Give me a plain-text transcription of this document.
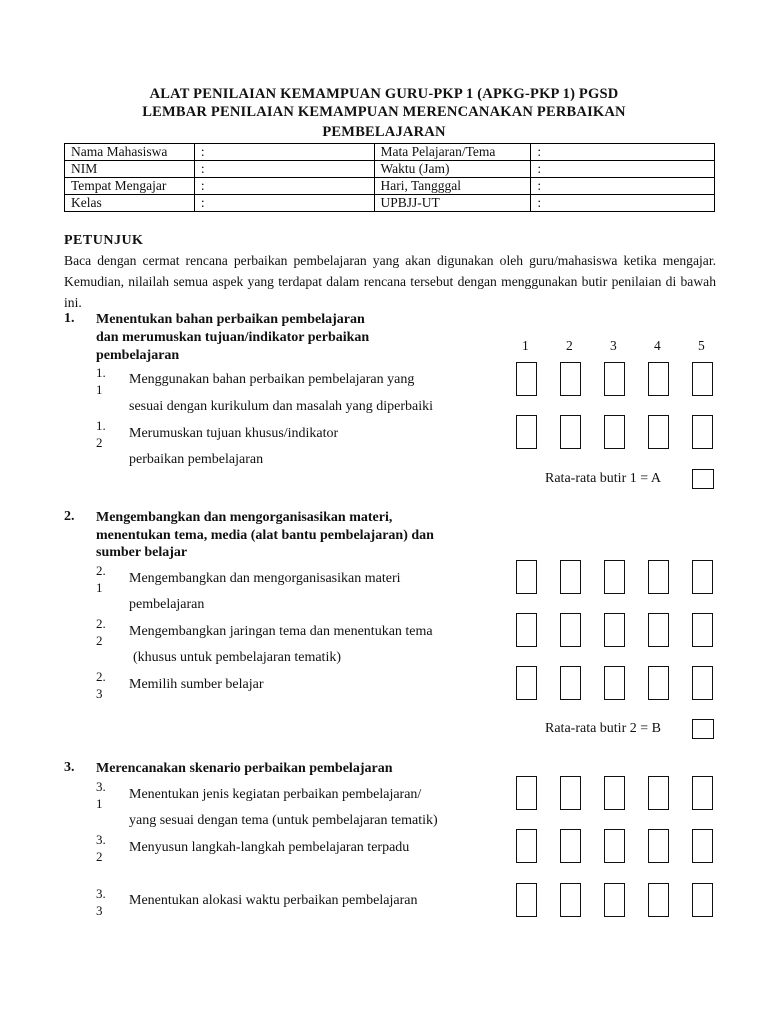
ALAT PENILAIAN KEMAMPUAN GURU-PKP 1 (APKG-PKP 1) PGSD
LEMBAR PENILAIAN KEMAMPUAN MERENCANAKAN PERBAIKAN
PEMBELAJARAN
Nama Mahasiswa	:	Mata Pelajaran/Tema	:
NIM	:	Waktu (Jam)	:
Tempat Mengajar	:	Hari, Tangggal	:
Kelas	:	UPBJJ-UT	:
PETUNJUK
Baca dengan cermat rencana perbaikan pembelajaran yang akan digunakan oleh guru/mahasiswa ketika mengajar. Kemudian, nilailah semua aspek yang terdapat dalam rencana tersebut dengan menggunakan butir penilaian di bawah ini.
1	2	3	4	5
1. Menentukan bahan perbaikan pembelajaran
dan merumuskan tujuan/indikator perbaikan
pembelajaran
1.
1
Menggunakan bahan perbaikan pembelajaran yang
sesuai dengan kurikulum dan masalah yang diperbaiki
1.
2
Merumuskan tujuan khusus/indikator
perbaikan pembelajaran
Rata-rata butir 1 = A
2. Mengembangkan dan mengorganisasikan materi,
menentukan tema, media (alat bantu pembelajaran) dan
sumber belajar
2.
1
Mengembangkan dan mengorganisasikan materi
pembelajaran
2.
2
Mengembangkan jaringan tema dan menentukan tema
(khusus untuk pembelajaran tematik)
2.
3
Memilih sumber belajar
Rata-rata butir 2 = B
3. Merencanakan skenario perbaikan pembelajaran
3.
1
Menentukan jenis kegiatan perbaikan pembelajaran/
yang sesuai dengan tema (untuk pembelajaran tematik)
3.
2
Menyusun langkah-langkah pembelajaran terpadu
3.
3
Menentukan alokasi waktu perbaikan pembelajaran
